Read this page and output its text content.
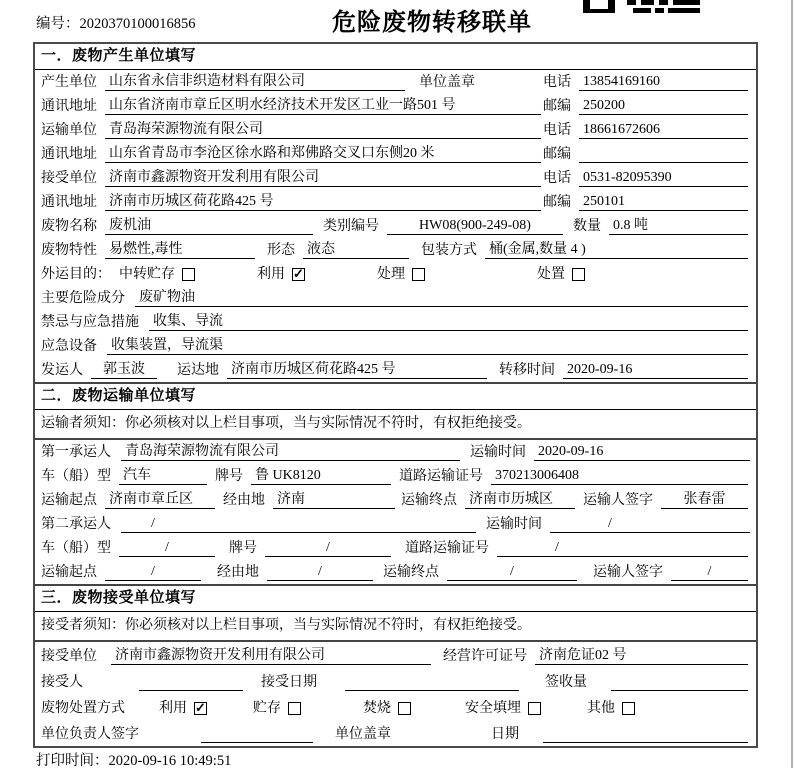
编号：2020370100016856	危险废物转移联单
一．废物产生单位填写
产生单位 山东省永信非织造材料有限公司	单位盖章	电话 13854169160
通讯地址 山东省济南市章丘区明水经济技术开发区工业一路501 号	邮编 250200
运输单位 青岛海荣源物流有限公司	电话 18661672606
通讯地址 山东省青岛市李沧区徐水路和郑佛路交叉口东侧20 米	邮编
接受单位 济南市鑫源物资开发利用有限公司	电话 0531-82095390
通讯地址 济南市历城区荷花路425 号	邮编 250101
废物名称 废机油	类别编号	HW08(900-249-08)	数量 0.8 吨
废物特性 易燃性,毒性	形态 液态	包装方式 桶(金属,数量 4 )
外运目的： 中转贮存	利用 ✓	处理	处置
主要危险成分 废矿物油
禁忌与应急措施 收集、导流
应急设备 收集装置，导流渠
发运人	郭玉波	运达地 济南市历城区荷花路425 号	转移时间 2020-09-16
二．废物运输单位填写
运输者须知：你必须核对以上栏目事项，当与实际情况不符时，有权拒绝接受。
第一承运人 青岛海荣源物流有限公司	运输时间 2020-09-16
车（船）型 汽车	牌号 鲁 UK8120	道路运输证号 370213006408
运输起点 济南市章丘区	经由地 济南	运输终点 济南市历城区	运输人签字	张春雷
第二承运人	/	运输时间	/
车（船）型	/	牌号	/	道路运输证号	/
运输起点	/	经由地	/	运输终点	/	运输人签字	/
三．废物接受单位填写
接受者须知：你必须核对以上栏目事项，当与实际情况不符时，有权拒绝接受。
接受单位 济南市鑫源物资开发利用有限公司	经营许可证号 济南危证02 号
接受人	接受日期	签收量
废物处置方式 利用 ✓	贮存	焚烧	安全填埋	其他
单位负责人签字	单位盖章	日期
打印时间：2020-09-16 10:49:51
